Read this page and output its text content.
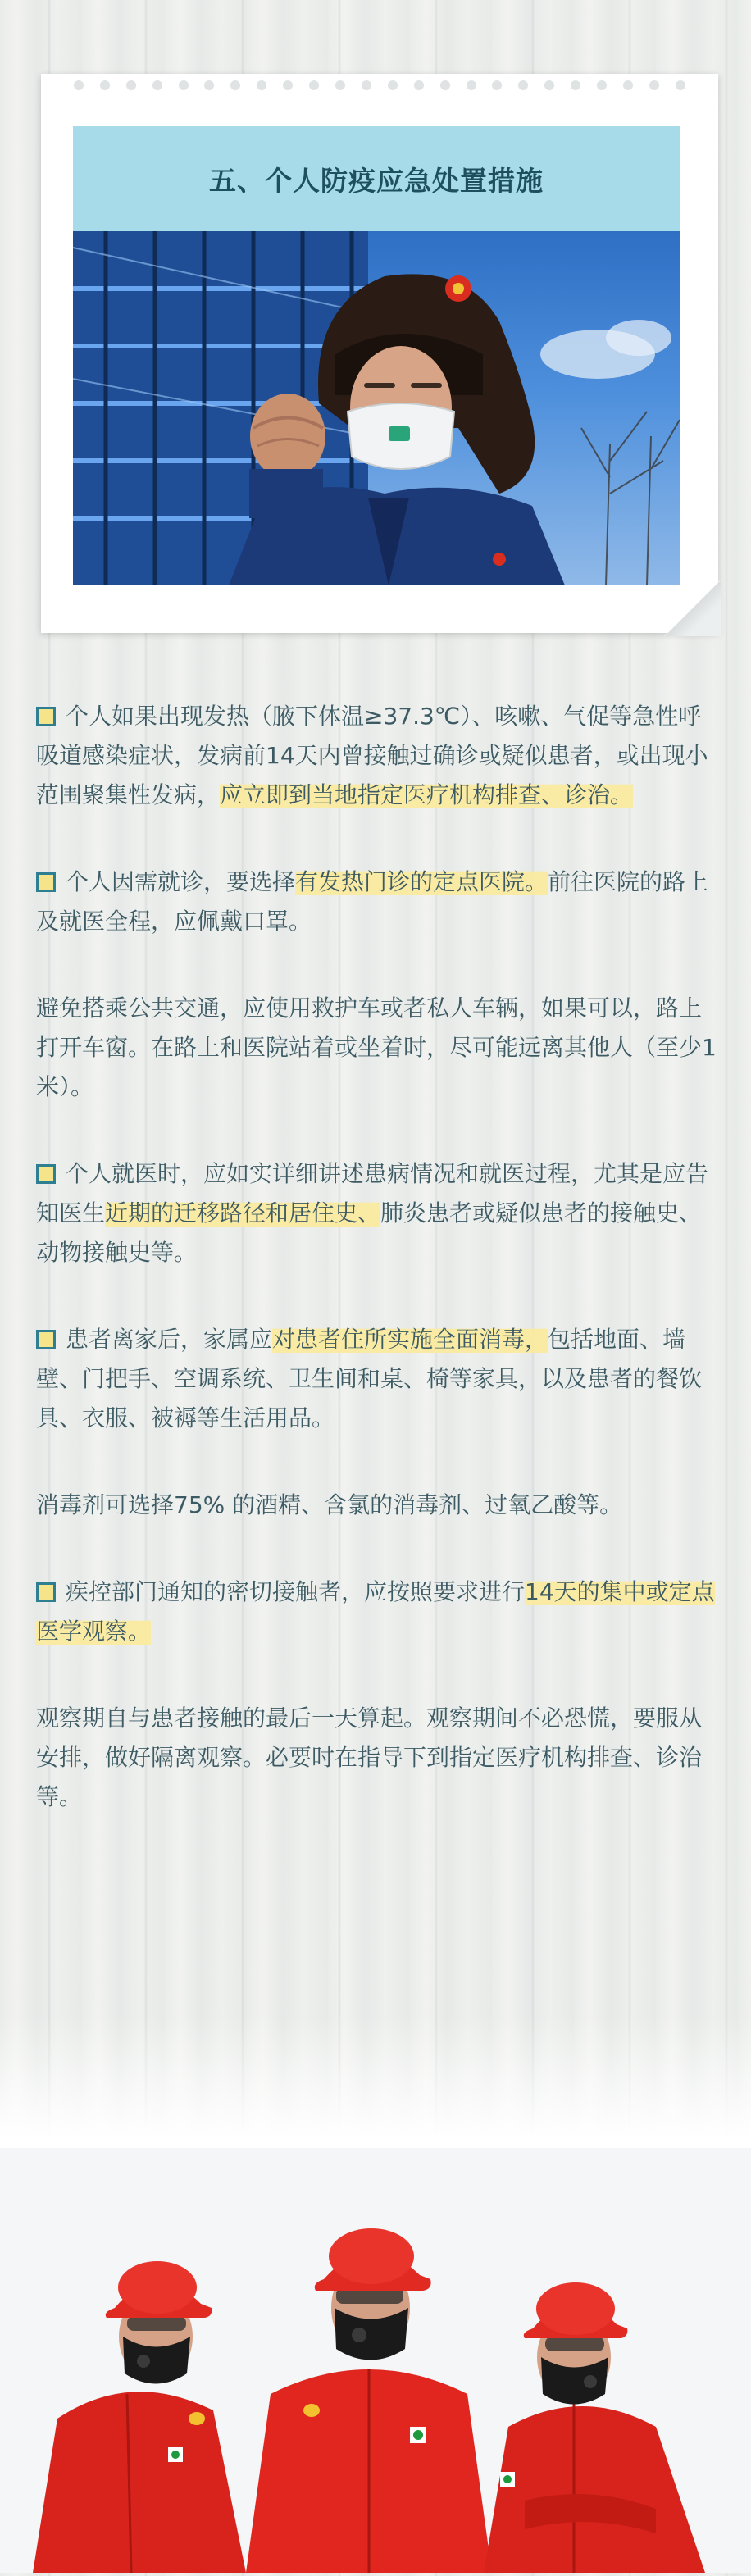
五、个人防疫应急处置措施

个人如果出现发热（腋下体温≥37.3℃）、咳嗽、气促等急性呼吸道感染症状，发病前14天内曾接触过确诊或疑似患者，或出现小范围聚集性发病，应立即到当地指定医疗机构排查、诊治。

个人因需就诊，要选择有发热门诊的定点医院。前往医院的路上及就医全程，应佩戴口罩。

避免搭乘公共交通，应使用救护车或者私人车辆，如果可以，路上打开车窗。在路上和医院站着或坐着时，尽可能远离其他人（至少1米）。

个人就医时，应如实详细讲述患病情况和就医过程，尤其是应告知医生近期的迁移路径和居住史、肺炎患者或疑似患者的接触史、动物接触史等。

患者离家后，家属应对患者住所实施全面消毒，包括地面、墙壁、门把手、空调系统、卫生间和桌、椅等家具，以及患者的餐饮具、衣服、被褥等生活用品。

消毒剂可选择75% 的酒精、含氯的消毒剂、过氧乙酸等。

疾控部门通知的密切接触者，应按照要求进行14天的集中或定点医学观察。

观察期自与患者接触的最后一天算起。观察期间不必恐慌，要服从安排，做好隔离观察。必要时在指导下到指定医疗机构排查、诊治等。
